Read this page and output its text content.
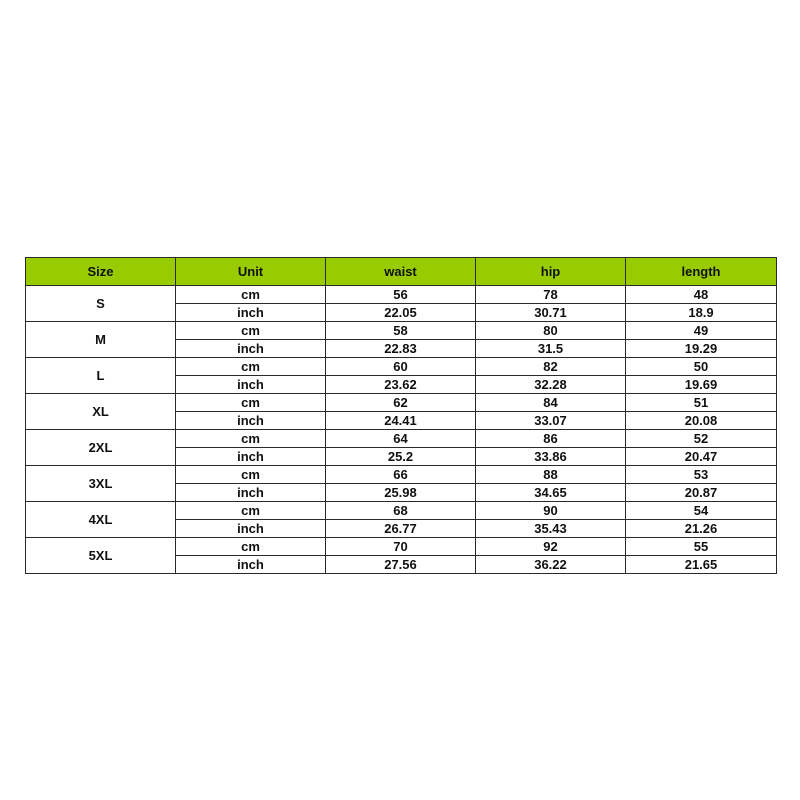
Size	Unit	waist	hip	length
S	cm	56	78	48
	inch	22.05	30.71	18.9
M	cm	58	80	49
	inch	22.83	31.5	19.29
L	cm	60	82	50
	inch	23.62	32.28	19.69
XL	cm	62	84	51
	inch	24.41	33.07	20.08
2XL	cm	64	86	52
	inch	25.2	33.86	20.47
3XL	cm	66	88	53
	inch	25.98	34.65	20.87
4XL	cm	68	90	54
	inch	26.77	35.43	21.26
5XL	cm	70	92	55
	inch	27.56	36.22	21.65
